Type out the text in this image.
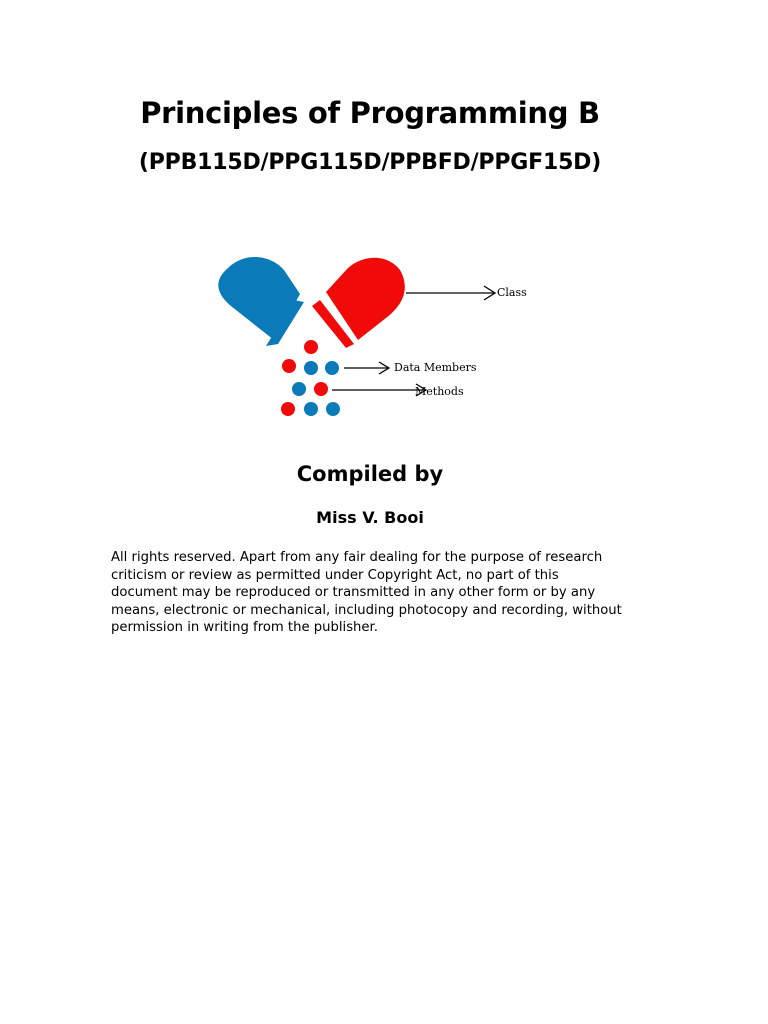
Principles of Programming B
(PPB115D/PPG115D/PPBFD/PPGF15D)
Class
Data Members
Methods
Compiled by

Miss V. Booi

All rights reserved. Apart from any fair dealing for the purpose of research
criticism or review as permitted under Copyright Act, no part of this
document may be reproduced or transmitted in any other form or by any
means, electronic or mechanical, including photocopy and recording, without
permission in writing from the publisher.
